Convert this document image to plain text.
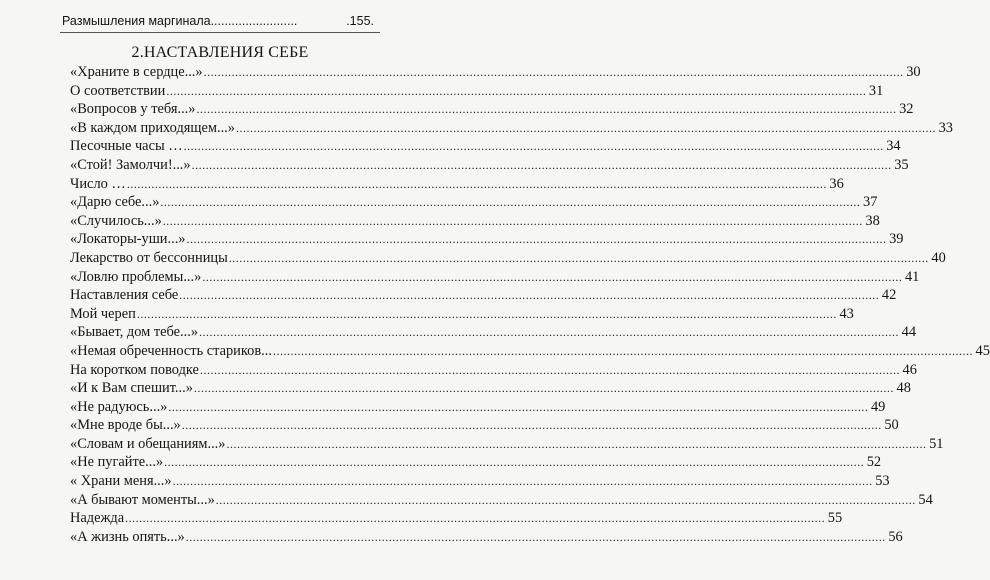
Размышления маргинала.........................	.155.
2.НАСТАВЛЕНИЯ СЕБЕ
«Храните в сердце...» ........................................................................................................................................................................................................ 30
О соответствии ........................................................................................................................................................................................................ 31
«Вопросов у тебя...» ........................................................................................................................................................................................................ 32
«В каждом приходящем...» ........................................................................................................................................................................................................ 33
Песочные часы … ........................................................................................................................................................................................................ 34
«Стой! Замолчи!...» ........................................................................................................................................................................................................ 35
Число … ........................................................................................................................................................................................................ 36
«Дарю себе...» ........................................................................................................................................................................................................ 37
«Случилось...» ........................................................................................................................................................................................................ 38
«Локаторы-уши...» ........................................................................................................................................................................................................ 39
Лекарство от бессонницы ........................................................................................................................................................................................................ 40
«Ловлю проблемы...» ........................................................................................................................................................................................................ 41
Наставления себе ........................................................................................................................................................................................................ 42
Мой череп ........................................................................................................................................................................................................ 43
«Бывает, дом тебе...» ........................................................................................................................................................................................................ 44
«Немая обреченность стариков... ........................................................................................................................................................................................................ 45
На коротком поводке ........................................................................................................................................................................................................ 46
«И к Вам спешит...» ........................................................................................................................................................................................................ 48
«Не радуюсь...» ........................................................................................................................................................................................................ 49
«Мне вроде бы...» ........................................................................................................................................................................................................ 50
«Словам и обещаниям...» ........................................................................................................................................................................................................ 51
«Не пугайте...» ........................................................................................................................................................................................................ 52
« Храни меня...» ........................................................................................................................................................................................................ 53
«А бывают моменты...» ........................................................................................................................................................................................................ 54
Надежда ........................................................................................................................................................................................................ 55
«А жизнь опять...» ........................................................................................................................................................................................................ 56
